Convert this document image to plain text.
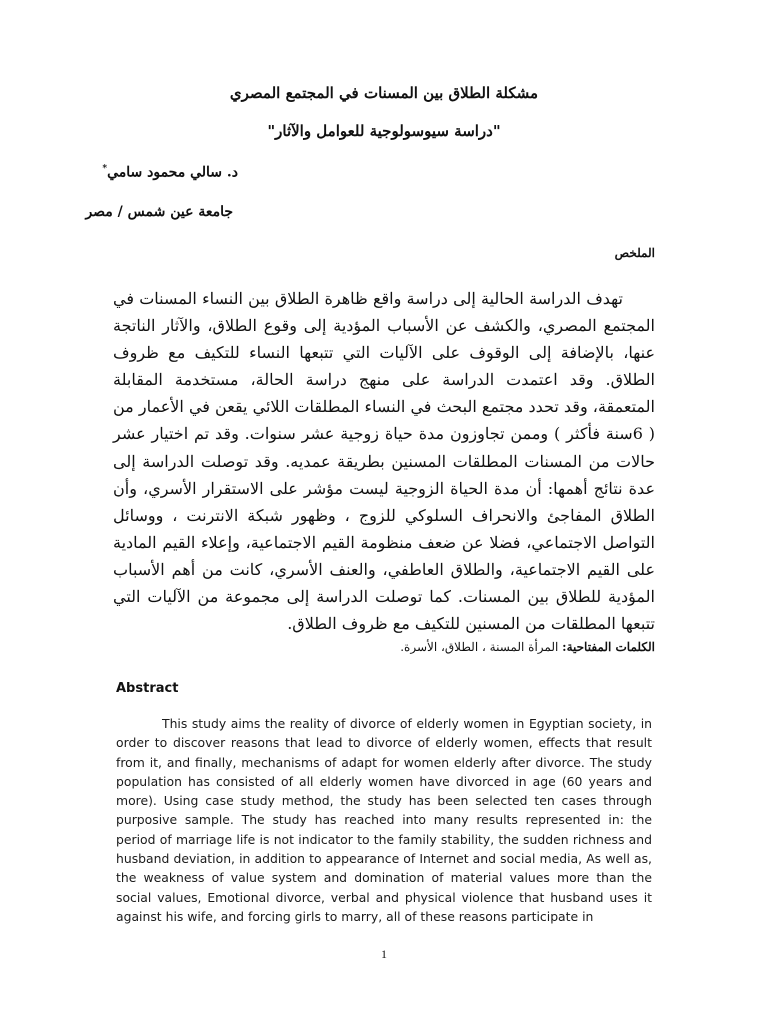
مشكلة الطلاق بين المسنات في المجتمع المصري
"دراسة سيوسولوجية للعوامل والآثار"
د. سالي محمود سامي*
جامعة عين شمس / مصر
الملخص

تهدف الدراسة الحالية إلى دراسة واقع ظاهرة الطلاق بين النساء المسنات في المجتمع المصري، والكشف عن الأسباب المؤدية إلى وقوع الطلاق، والآثار الناتجة عنها، بالإضافة إلى الوقوف على الآليات التي تتبعها النساء للتكيف مع ظروف الطلاق. وقد اعتمدت الدراسة على منهج دراسة الحالة، مستخدمة المقابلة المتعمقة، وقد تحدد مجتمع البحث في النساء المطلقات اللائي يقعن في الأعمار من ( 6سنة فأكثر ) وممن تجاوزون مدة حياة زوجية عشر سنوات. وقد تم اختيار عشر حالات من المسنات المطلقات المسنين بطريقة عمديه. وقد توصلت الدراسة إلى عدة نتائج أهمها: أن مدة الحياة الزوجية ليست مؤشر على الاستقرار الأسري، وأن الطلاق المفاجئ والانحراف السلوكي للزوج ، وظهور شبكة الانترنت ، ووسائل التواصل الاجتماعي، فضلا عن ضعف منظومة القيم الاجتماعية، وإعلاء القيم المادية على القيم الاجتماعية، والطلاق العاطفي، والعنف الأسري، كانت من أهم الأسباب المؤدية للطلاق بين المسنات. كما توصلت الدراسة إلى مجموعة من الآليات التي تتبعها المطلقات من المسنين للتكيف مع ظروف الطلاق.

الكلمات المفتاحية: المرأة المسنة ، الطلاق، الأسرة.
Abstract

This study aims the reality of divorce of elderly women in Egyptian society, in order to discover reasons that lead to divorce of elderly women, effects that result from it, and finally, mechanisms of adapt for women elderly after divorce. The study population has consisted of all elderly women have divorced in age (60 years and more). Using case study method, the study has been selected ten cases through purposive sample. The study has reached into many results represented in: the period of marriage life is not indicator to the family stability, the sudden richness and husband deviation, in addition to appearance of Internet and social media, As well as, the weakness of value system and domination of material values more than the social values, Emotional divorce, verbal and physical violence that husband uses it against his wife, and forcing girls to marry, all of these reasons participate in

1
